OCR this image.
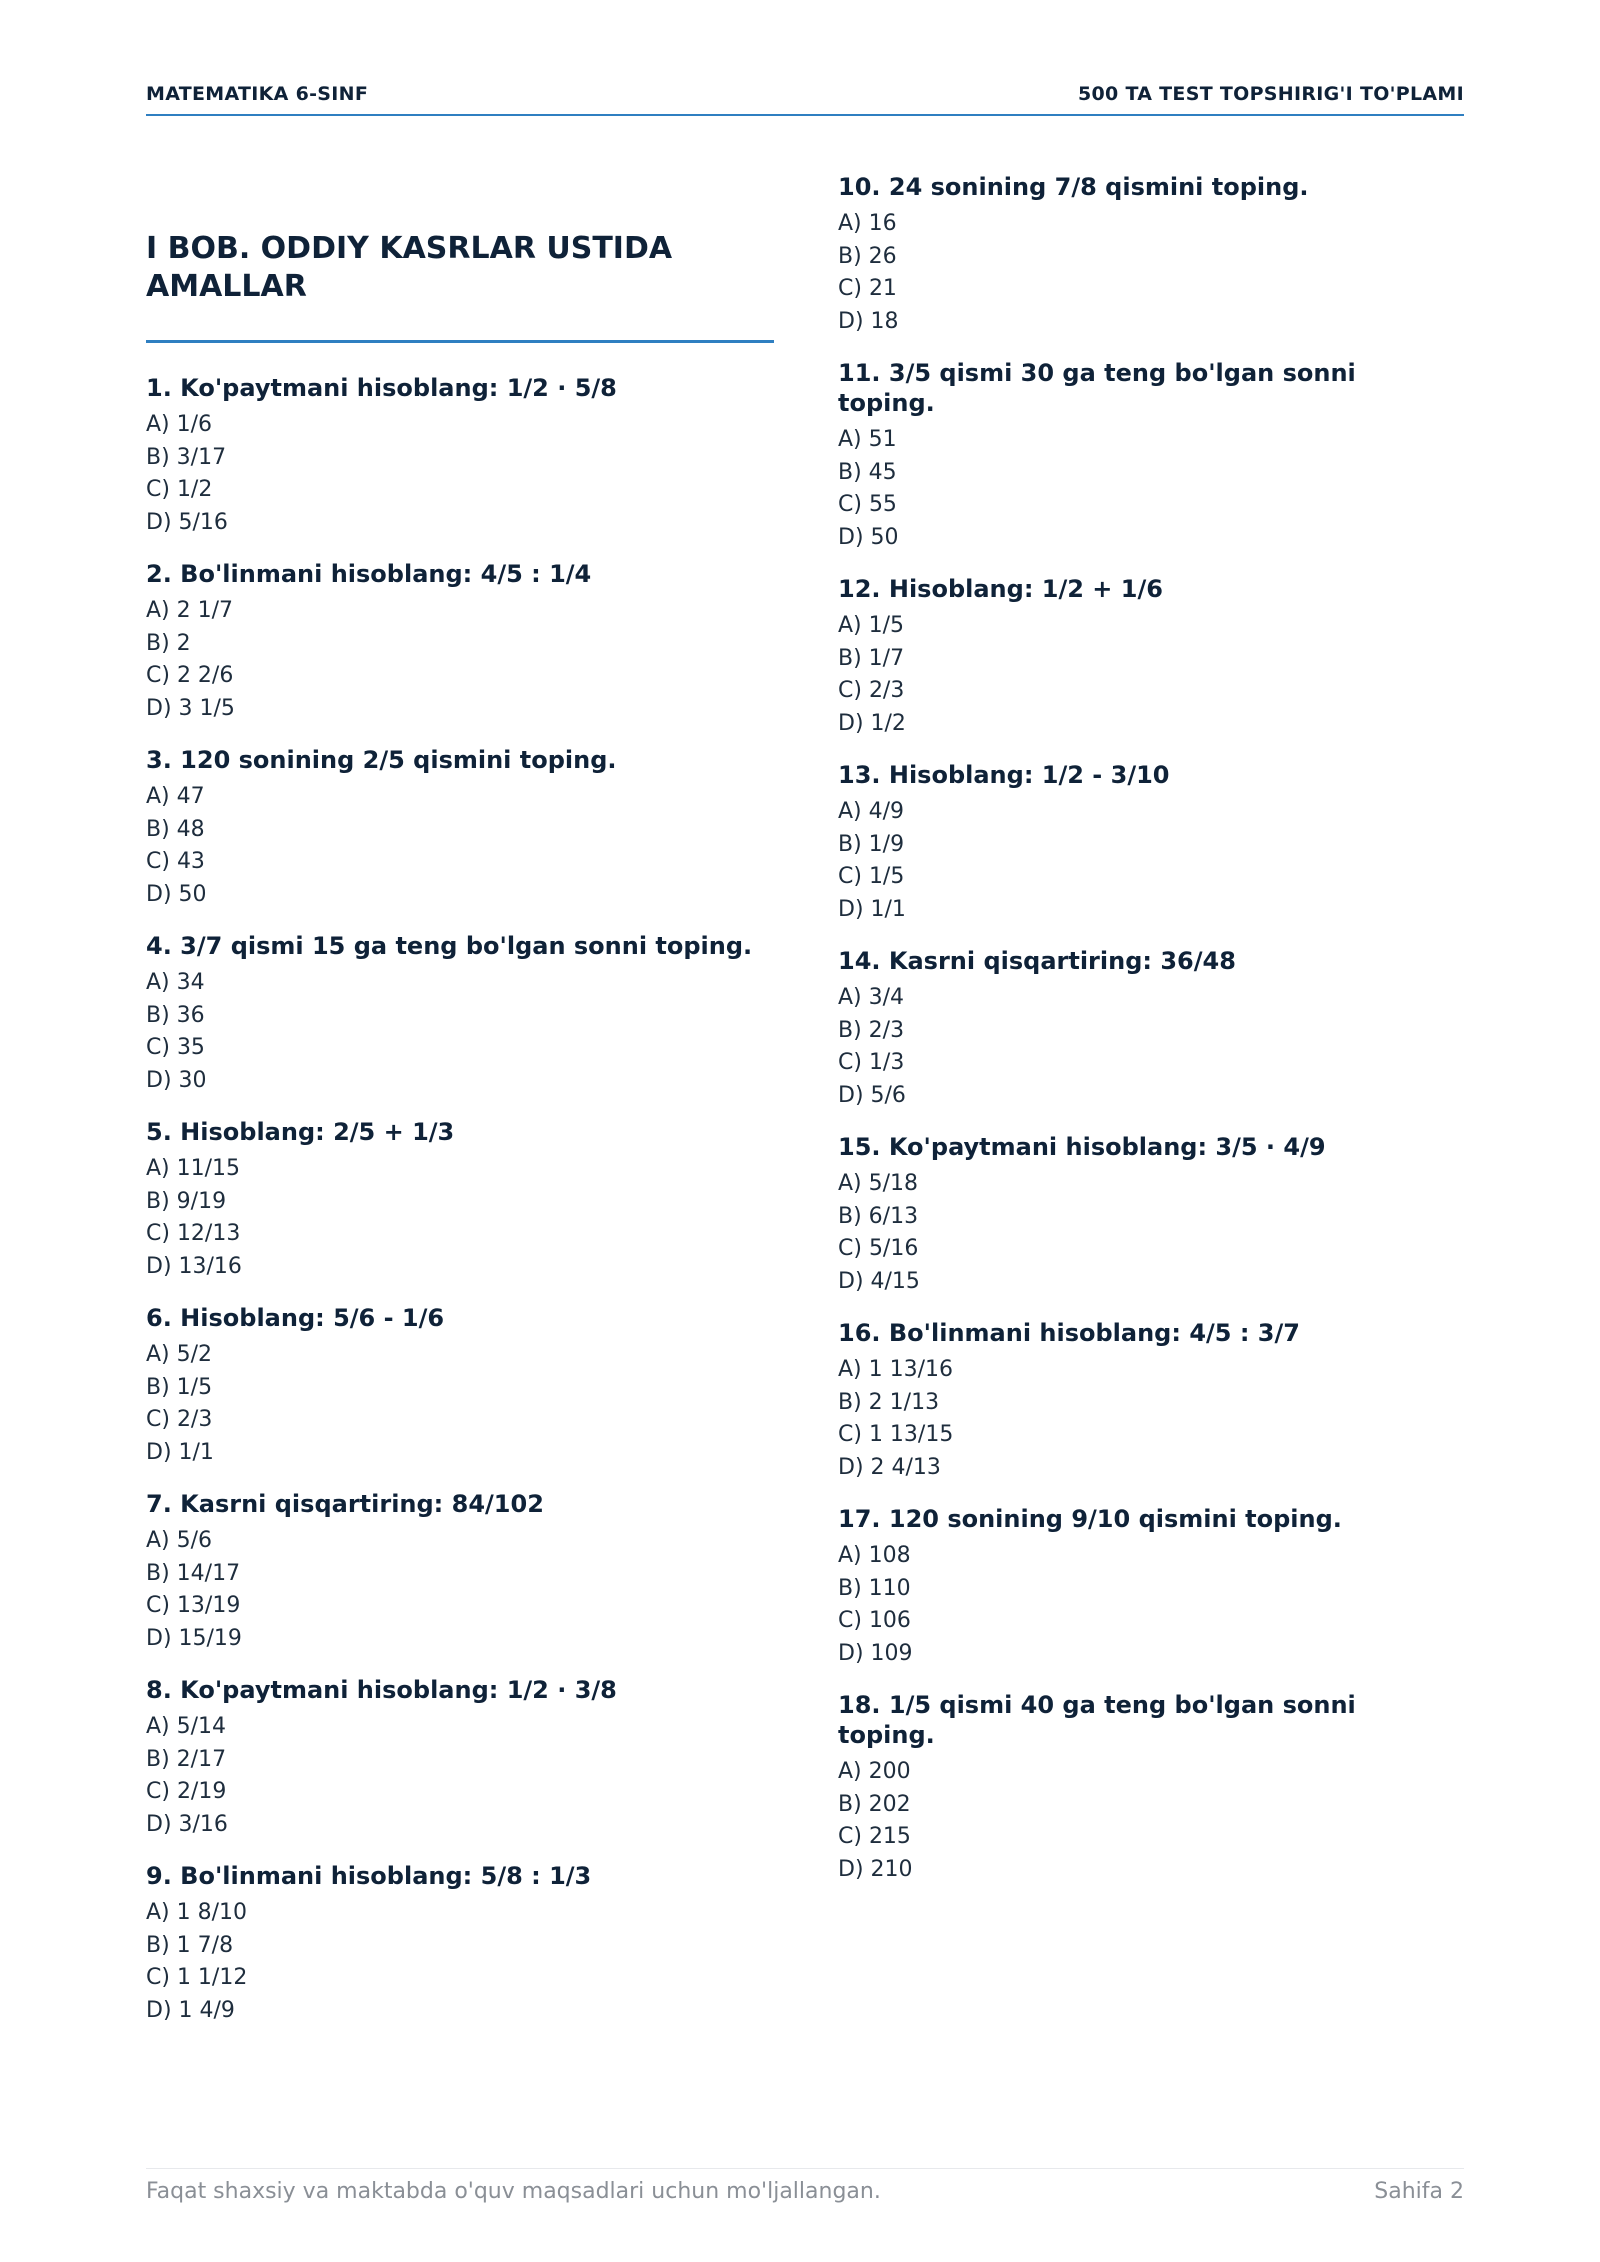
MATEMATIKA 6-SINF	500 TA TEST TOPSHIRIG'I TO'PLAMI
I BOB. ODDIY KASRLAR USTIDA
AMALLAR
1. Ko'paytmani hisoblang: 1/2 · 5/8
A) 1/6
B) 3/17
C) 1/2
D) 5/16
2. Bo'linmani hisoblang: 4/5 : 1/4
A) 2 1/7
B) 2
C) 2 2/6
D) 3 1/5
3. 120 sonining 2/5 qismini toping.
A) 47
B) 48
C) 43
D) 50
4. 3/7 qismi 15 ga teng bo'lgan sonni toping.
A) 34
B) 36
C) 35
D) 30
5. Hisoblang: 2/5 + 1/3
A) 11/15
B) 9/19
C) 12/13
D) 13/16
6. Hisoblang: 5/6 - 1/6
A) 5/2
B) 1/5
C) 2/3
D) 1/1
7. Kasrni qisqartiring: 84/102
A) 5/6
B) 14/17
C) 13/19
D) 15/19
8. Ko'paytmani hisoblang: 1/2 · 3/8
A) 5/14
B) 2/17
C) 2/19
D) 3/16
9. Bo'linmani hisoblang: 5/8 : 1/3
A) 1 8/10
B) 1 7/8
C) 1 1/12
D) 1 4/9
10. 24 sonining 7/8 qismini toping.
A) 16
B) 26
C) 21
D) 18
11. 3/5 qismi 30 ga teng bo'lgan sonni
toping.
A) 51
B) 45
C) 55
D) 50
12. Hisoblang: 1/2 + 1/6
A) 1/5
B) 1/7
C) 2/3
D) 1/2
13. Hisoblang: 1/2 - 3/10
A) 4/9
B) 1/9
C) 1/5
D) 1/1
14. Kasrni qisqartiring: 36/48
A) 3/4
B) 2/3
C) 1/3
D) 5/6
15. Ko'paytmani hisoblang: 3/5 · 4/9
A) 5/18
B) 6/13
C) 5/16
D) 4/15
16. Bo'linmani hisoblang: 4/5 : 3/7
A) 1 13/16
B) 2 1/13
C) 1 13/15
D) 2 4/13
17. 120 sonining 9/10 qismini toping.
A) 108
B) 110
C) 106
D) 109
18. 1/5 qismi 40 ga teng bo'lgan sonni
toping.
A) 200
B) 202
C) 215
D) 210
Faqat shaxsiy va maktabda o'quv maqsadlari uchun mo'ljallangan.	Sahifa 2
